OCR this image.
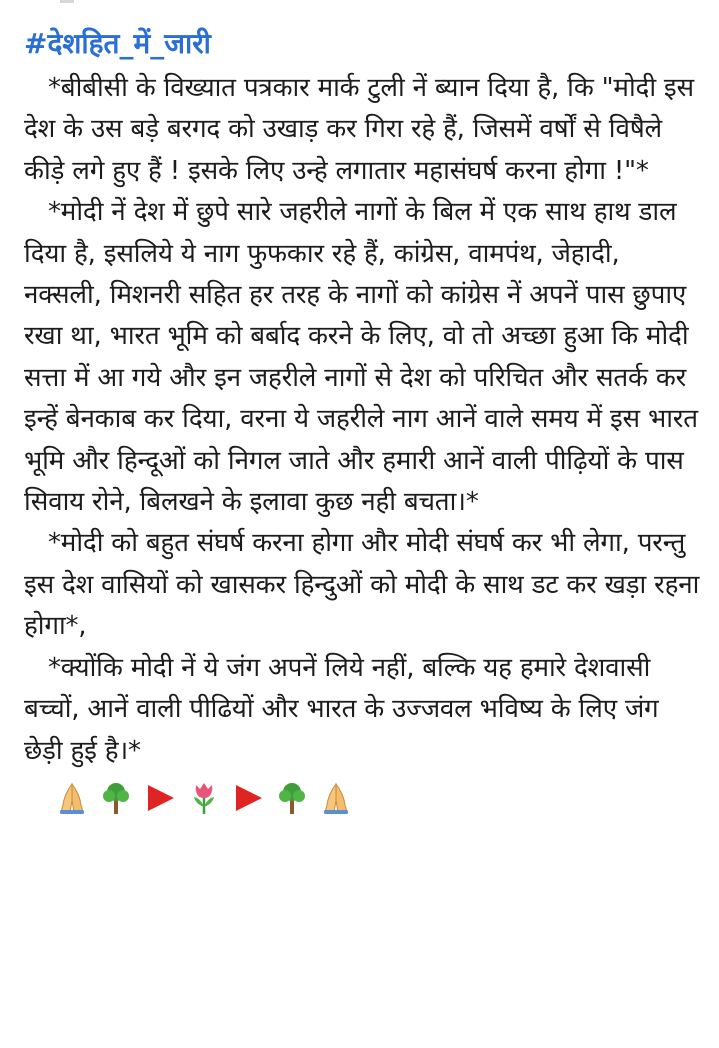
#देशहित_में_जारी

*बीबीसी के विख्यात पत्रकार मार्क टुली नें ब्यान दिया है, कि "मोदी इस देश के उस बड़े बरगद को उखाड़ कर गिरा रहे हैं, जिसमें वर्षों से विषैले कीड़े लगे हुए हैं ! इसके लिए उन्हे लगातार महासंघर्ष करना होगा !"*

*मोदी नें देश में छुपे सारे जहरीले नागों के बिल में एक साथ हाथ डाल दिया है, इसलिये ये नाग फुफकार रहे हैं, कांग्रेस, वामपंथ, जेहादी, नक्सली, मिशनरी सहित हर तरह के नागों को कांग्रेस नें अपनें पास छुपाए रखा था, भारत भूमि को बर्बाद करने के लिए, वो तो अच्छा हुआ कि मोदी सत्ता में आ गये और इन जहरीले नागों से देश को परिचित और सतर्क कर इन्हें बेनकाब कर दिया, वरना ये जहरीले नाग आनें वाले समय में इस भारत भूमि और हिन्दूओं को निगल जाते और हमारी आनें वाली पीढ़ियों के पास सिवाय रोने, बिलखने के इलावा कुछ नही बचता।*

*मोदी को बहुत संघर्ष करना होगा और मोदी संघर्ष कर भी लेगा, परन्तु इस देश वासियों को खासकर हिन्दुओं को मोदी के साथ डट कर खड़ा रहना होगा*,

*क्योंकि मोदी नें ये जंग अपनें लिये नहीं, बल्कि यह हमारे देशवासी बच्चों, आनें वाली पीढियों और भारत के उज्जवल भविष्य के लिए जंग छेड़ी हुई है।*
